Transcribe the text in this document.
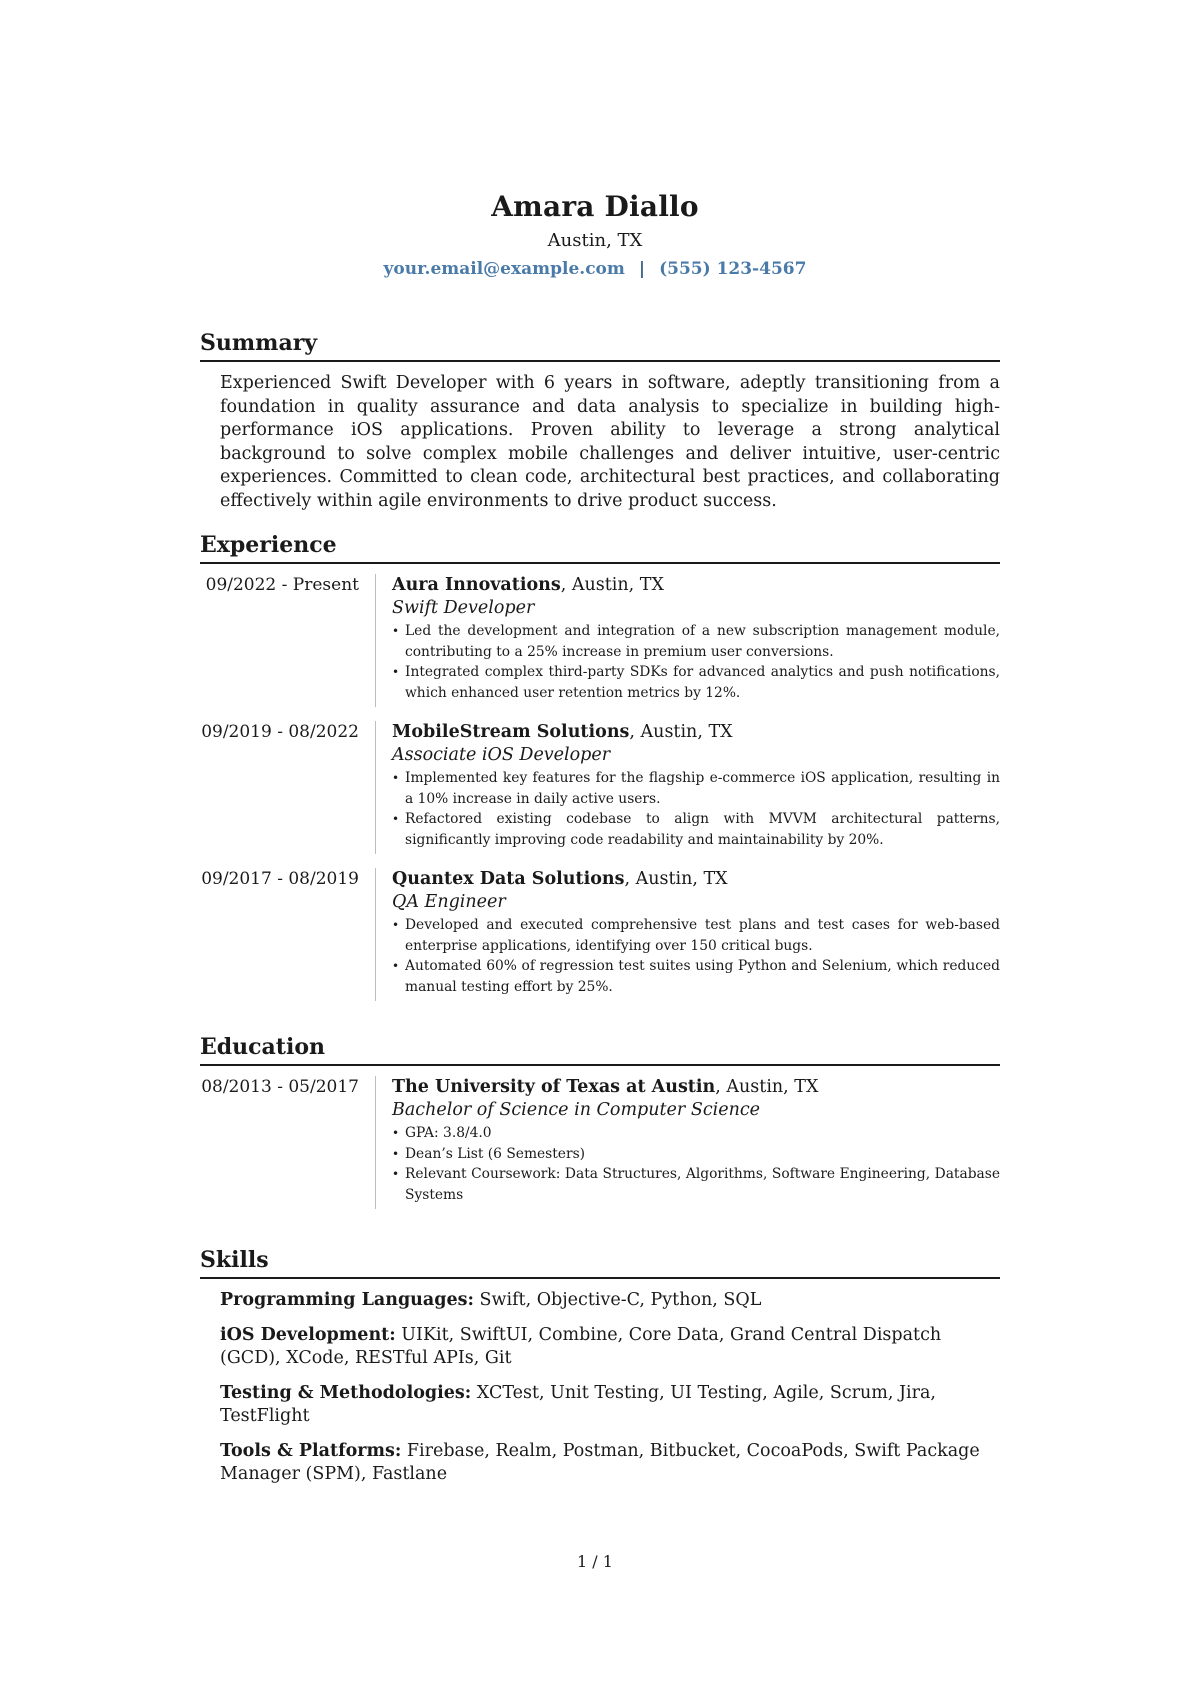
Amara Diallo
Austin, TX
your.email@example.com | (555) 123-4567
Summary
Experienced Swift Developer with 6 years in software, adeptly transitioning from a foundation in quality assurance and data analysis to specialize in building high-performance iOS applications. Proven ability to leverage a strong analytical background to solve complex mobile challenges and deliver intuitive, user-centric experiences. Committed to clean code, architectural best practices, and collaborating effectively within agile environments to drive product success.
Experience
09/2022 - Present	Aura Innovations, Austin, TX
Swift Developer
• Led the development and integration of a new subscription management module, contributing to a 25% increase in premium user conversions.
• Integrated complex third-party SDKs for advanced analytics and push notifications, which enhanced user retention metrics by 12%.
09/2019 - 08/2022	MobileStream Solutions, Austin, TX
Associate iOS Developer
• Implemented key features for the flagship e-commerce iOS application, resulting in a 10% increase in daily active users.
• Refactored existing codebase to align with MVVM architectural patterns, significantly improving code readability and maintainability by 20%.
09/2017 - 08/2019	Quantex Data Solutions, Austin, TX
QA Engineer
• Developed and executed comprehensive test plans and test cases for web-based enterprise applications, identifying over 150 critical bugs.
• Automated 60% of regression test suites using Python and Selenium, which reduced manual testing effort by 25%.
Education
08/2013 - 05/2017	The University of Texas at Austin, Austin, TX
Bachelor of Science in Computer Science
• GPA: 3.8/4.0
• Dean’s List (6 Semesters)
• Relevant Coursework: Data Structures, Algorithms, Software Engineering, Database Systems
Skills
Programming Languages: Swift, Objective-C, Python, SQL
iOS Development: UIKit, SwiftUI, Combine, Core Data, Grand Central Dispatch (GCD), XCode, RESTful APIs, Git
Testing & Methodologies: XCTest, Unit Testing, UI Testing, Agile, Scrum, Jira, TestFlight
Tools & Platforms: Firebase, Realm, Postman, Bitbucket, CocoaPods, Swift Package Manager (SPM), Fastlane
1 / 1
